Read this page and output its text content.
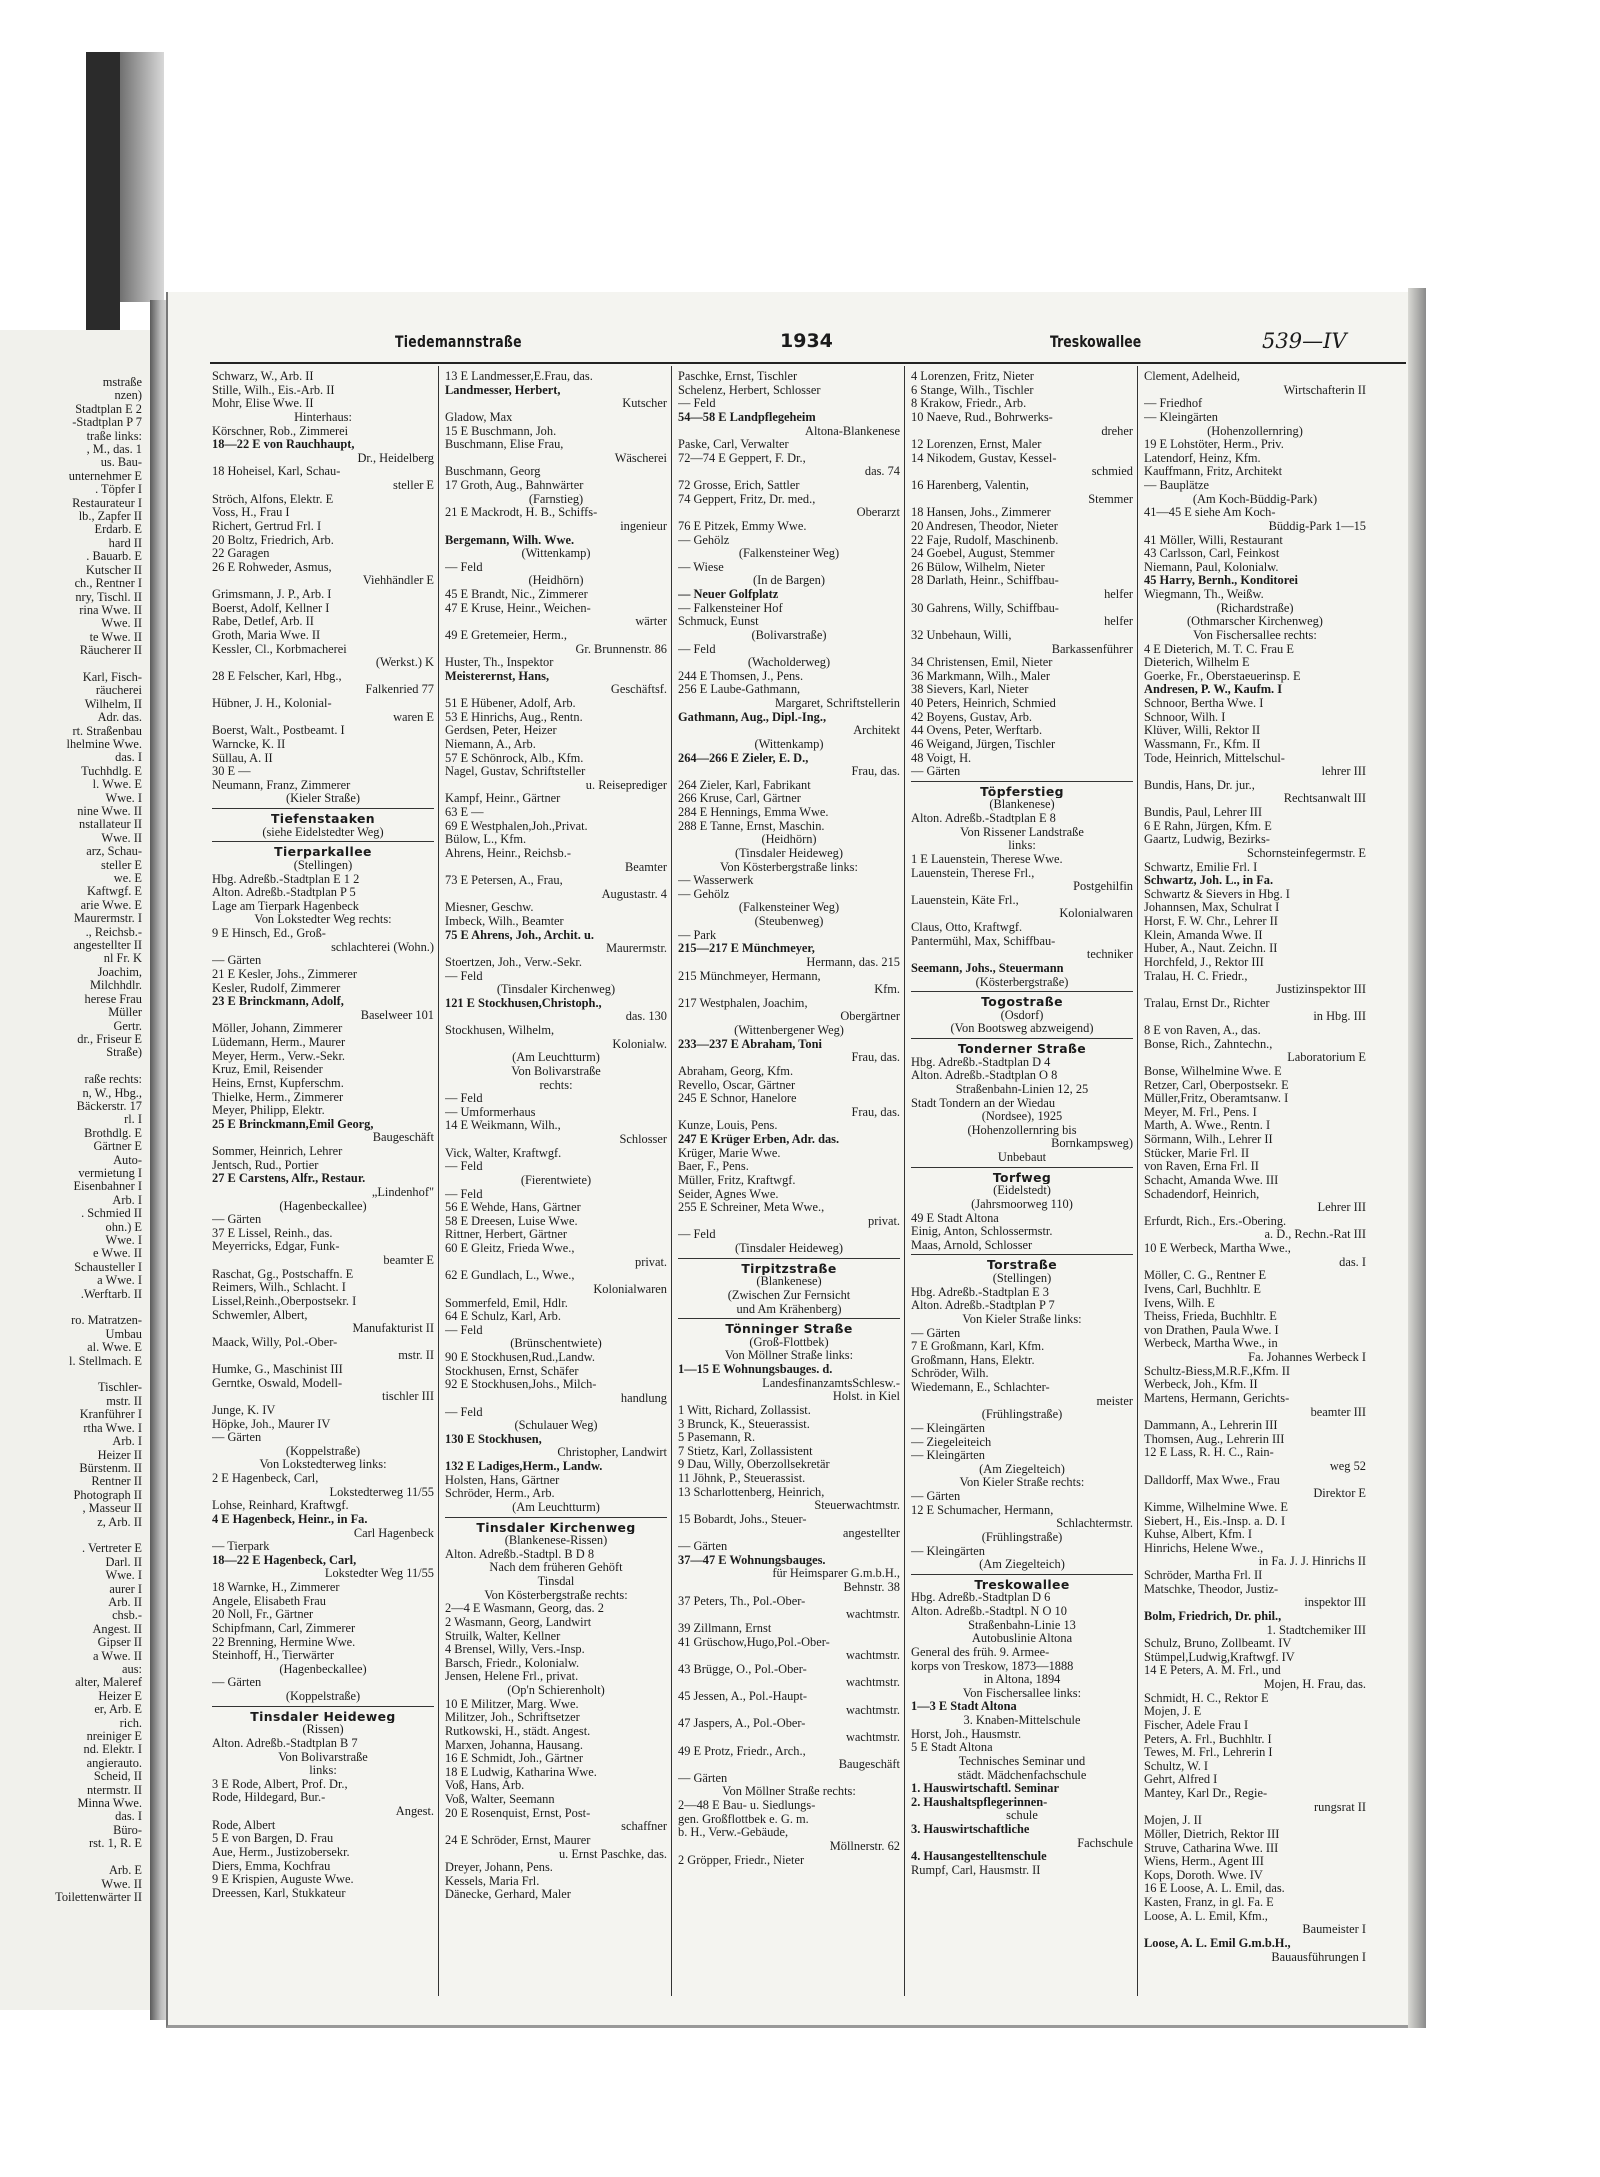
mstraße
nzen)
Stadtplan E 2
-Stadtplan P 7
traße links:
, M., das. 1
us. Bau-
unternehmer E
. Töpfer I
Restaurateur I
lb., Zapfer II
Erdarb. E
hard II
. Bauarb. E
Kutscher II
ch., Rentner I
nry, Tischl. II
rina Wwe. II
Wwe. II
te Wwe. II
Räucherer II

Karl, Fisch-
räucherei
Wilhelm, II
Adr. das.
rt. Straßenbau
lhelmine Wwe.
das. I
Tuchhdlg. E
l. Wwe. E
Wwe. I
nine Wwe. II
nstallateur II
Wwe. II
arz, Schau-
steller E
we. E
Kaftwgf. E
arie Wwe. E
Maurermstr. I
., Reichsb.-
angestellter II
nl Fr. K
Joachim,
Milchhdlr.
herese Frau
Müller
Gertr.
dr., Friseur E
Straße)

raße rechts:
n, W., Hbg.,
Bäckerstr. 17
rl. I
Brothdlg. E
Gärtner E
Auto-
vermietung I
Eisenbahner I
Arb. I
. Schmied II
ohn.) E
Wwe. I
e Wwe. II
Schausteller I
a Wwe. I
.Werftarb. II

ro. Matratzen-
Umbau
al. Wwe. E
l. Stellmach. E

Tischler-
mstr. II
Kranführer I
rtha Wwe. I
Arb. I
Heizer II
Bürstenm. II
Rentner II
Photograph II
, Masseur II
z, Arb. II

. Vertreter E
Darl. II
Wwe. I
aurer I
Arb. II
chsb.-
Angest. II
Gipser II
a Wwe. II
aus:
alter, Maleref
Heizer E
er, Arb. E
rich.
nreiniger E
nd. Elektr. I
angierauto.
Scheid, II
ntermstr. II
Minna Wwe.
das. I
Büro-
rst. 1, R. E

Arb. E
Wwe. II
Toilettenwärter II
Tiedemannstraße	1934	Treskowallee	539—IV
Schwarz, W., Arb. II
Stille, Wilh., Eis.-Arb. II
Mohr, Elise Wwe. II
Hinterhaus:
Körschner, Rob., Zimmerei
18—22 E von Rauchhaupt,
Dr., Heidelberg
18 Hoheisel, Karl, Schau-
steller E
Ströch, Alfons, Elektr. E
Voss, H., Frau I
Richert, Gertrud Frl. I
20 Boltz, Friedrich, Arb.
22 Garagen
26 E Rohweder, Asmus,
Viehhändler E
Grimsmann, J. P., Arb. I
Boerst, Adolf, Kellner I
Rabe, Detlef, Arb. II
Groth, Maria Wwe. II
Kessler, Cl., Korbmacherei
(Werkst.) K
28 E Felscher, Karl, Hbg.,
Falkenried 77
Hübner, J. H., Kolonial-
waren E
Boerst, Walt., Postbeamt. I
Warncke, K. II
Süllau, A. II
30 E —
Neumann, Franz, Zimmerer
(Kieler Straße)
Tiefenstaaken
(siehe Eidelstedter Weg)
Tierparkallee
(Stellingen)
Hbg. Adreßb.-Stadtplan E 1 2
Alton. Adreßb.-Stadtplan P 5
Lage am Tierpark Hagenbeck
Von Lokstedter Weg rechts:
9 E Hinsch, Ed., Groß-
schlachterei (Wohn.)
— Gärten
21 E Kesler, Johs., Zimmerer
Kesler, Rudolf, Zimmerer
23 E Brinckmann, Adolf,
Baselweer 101
Möller, Johann, Zimmerer
Lüdemann, Herm., Maurer
Meyer, Herm., Verw.-Sekr.
Kruz, Emil, Reisender
Heins, Ernst, Kupferschm.
Thielke, Herm., Zimmerer
Meyer, Philipp, Elektr.
25 E Brinckmann,Emil Georg,
Baugeschäft
Sommer, Heinrich, Lehrer
Jentsch, Rud., Portier
27 E Carstens, Alfr., Restaur.
„Lindenhof"
(Hagenbeckallee)
— Gärten
37 E Lissel, Reinh., das.
Meyerricks, Edgar, Funk-
beamter E
Raschat, Gg., Postschaffn. E
Reimers, Wilh., Schlacht. I
Lissel,Reinh.,Oberpostsekr. I
Schwemler, Albert,
Manufakturist II
Maack, Willy, Pol.-Ober-
mstr. II
Humke, G., Maschinist III
Gerntke, Oswald, Modell-
tischler III
Junge, K. IV
Höpke, Joh., Maurer IV
— Gärten
(Koppelstraße)
Von Lokstedterweg links:
2 E Hagenbeck, Carl,
Lokstedterweg 11/55
Lohse, Reinhard, Kraftwgf.
4 E Hagenbeck, Heinr., in Fa.
Carl Hagenbeck
— Tierpark
18—22 E Hagenbeck, Carl,
Lokstedter Weg 11/55
18 Warnke, H., Zimmerer
Angele, Elisabeth Frau
20 Noll, Fr., Gärtner
Schipfmann, Carl, Zimmerer
22 Brenning, Hermine Wwe.
Steinhoff, H., Tierwärter
(Hagenbeckallee)
— Gärten
(Koppelstraße)
Tinsdaler Heideweg
(Rissen)
Alton. Adreßb.-Stadtplan B 7
Von Bolivarstraße
links:
3 E Rode, Albert, Prof. Dr.,
Rode, Hildegard, Bur.-
Angest.
Rode, Albert
5 E von Bargen, D. Frau
Aue, Herm., Justizobersekr.
Diers, Emma, Kochfrau
9 E Krispien, Auguste Wwe.
Dreessen, Karl, Stukkateur
13 E Landmesser,E.Frau, das.
Landmesser, Herbert,
Kutscher
Gladow, Max
15 E Buschmann, Joh.
Buschmann, Elise Frau,
Wäscherei
Buschmann, Georg
17 Groth, Aug., Bahnwärter
(Farnstieg)
21 E Mackrodt, H. B., Schiffs-
ingenieur
Bergemann, Wilh. Wwe.
(Wittenkamp)
— Feld
(Heidhörn)
45 E Brandt, Nic., Zimmerer
47 E Kruse, Heinr., Weichen-
wärter
49 E Gretemeier, Herm.,
Gr. Brunnenstr. 86
Huster, Th., Inspektor
Meisterernst, Hans,
Geschäftsf.
51 E Hübener, Adolf, Arb.
53 E Hinrichs, Aug., Rentn.
Gerdsen, Peter, Heizer
Niemann, A., Arb.
57 E Schönrock, Alb., Kfm.
Nagel, Gustav, Schriftsteller
u. Reiseprediger
Kampf, Heinr., Gärtner
63 E —
69 E Westphalen,Joh.,Privat.
Bülow, L., Kfm.
Ahrens, Heinr., Reichsb.-
Beamter
73 E Petersen, A., Frau,
Augustastr. 4
Miesner, Geschw.
Imbeck, Wilh., Beamter
75 E Ahrens, Joh., Archit. u.
Maurermstr.
Stoertzen, Joh., Verw.-Sekr.
— Feld
(Tinsdaler Kirchenweg)
121 E Stockhusen,Christoph.,
das. 130
Stockhusen, Wilhelm,
Kolonialw.
(Am Leuchtturm)
Von Bolivarstraße
rechts:
— Feld
— Umformerhaus
14 E Weikmann, Wilh.,
Schlosser
Vick, Walter, Kraftwgf.
— Feld
(Fierentwiete)
— Feld
56 E Wehde, Hans, Gärtner
58 E Dreesen, Luise Wwe.
Rittner, Herbert, Gärtner
60 E Gleitz, Frieda Wwe.,
privat.
62 E Gundlach, L., Wwe.,
Kolonialwaren
Sommerfeld, Emil, Hdlr.
64 E Schulz, Karl, Arb.
— Feld
(Brünschentwiete)
90 E Stockhusen,Rud.,Landw.
Stockhusen, Ernst, Schäfer
92 E Stockhusen,Johs., Milch-
handlung
— Feld
(Schulauer Weg)
130 E Stockhusen,
Christopher, Landwirt
132 E Ladiges,Herm., Landw.
Holsten, Hans, Gärtner
Schröder, Herm., Arb.
(Am Leuchtturm)
Tinsdaler Kirchenweg
(Blankenese-Rissen)
Alton. Adreßb.-Stadtpl. B D 8
Nach dem früheren Gehöft
Tinsdal
Von Kösterbergstraße rechts:
2—4 E Wasmann, Georg, das. 2
2 Wasmann, Georg, Landwirt
Struilk, Walter, Kellner
4 Brensel, Willy, Vers.-Insp.
Barsch, Friedr., Kolonialw.
Jensen, Helene Frl., privat.
(Op'n Schierenholt)
10 E Militzer, Marg. Wwe.
Militzer, Joh., Schriftsetzer
Rutkowski, H., städt. Angest.
Marxen, Johanna, Hausang.
16 E Schmidt, Joh., Gärtner
18 E Ludwig, Katharina Wwe.
Voß, Hans, Arb.
Voß, Walter, Seemann
20 E Rosenquist, Ernst, Post-
schaffner
24 E Schröder, Ernst, Maurer
u. Ernst Paschke, das.
Dreyer, Johann, Pens.
Kessels, Maria Frl.
Dänecke, Gerhard, Maler
Paschke, Ernst, Tischler
Schelenz, Herbert, Schlosser
— Feld
54—58 E Landpflegeheim
Altona-Blankenese
Paske, Carl, Verwalter
72—74 E Geppert, F. Dr.,
das. 74
72 Grosse, Erich, Sattler
74 Geppert, Fritz, Dr. med.,
Oberarzt
76 E Pitzek, Emmy Wwe.
— Gehölz
(Falkensteiner Weg)
— Wiese
(In de Bargen)
— Neuer Golfplatz
— Falkensteiner Hof
Schmuck, Eunst
(Bolivarstraße)
— Feld
(Wacholderweg)
244 E Thomsen, J., Pens.
256 E Laube-Gathmann,
Margaret, Schriftstellerin
Gathmann, Aug., Dipl.-Ing.,
Architekt
(Wittenkamp)
264—266 E Zieler, E. D.,
Frau, das.
264 Zieler, Karl, Fabrikant
266 Kruse, Carl, Gärtner
284 E Hennings, Emma Wwe.
288 E Tanne, Ernst, Maschin.
(Heidhörn)
(Tinsdaler Heideweg)
Von Kösterbergstraße links:
— Wasserwerk
— Gehölz
(Falkensteiner Weg)
(Steubenweg)
— Park
215—217 E Münchmeyer,
Hermann, das. 215
215 Münchmeyer, Hermann,
Kfm.
217 Westphalen, Joachim,
Obergärtner
(Wittenbergener Weg)
233—237 E Abraham, Toni
Frau, das.
Abraham, Georg, Kfm.
Revello, Oscar, Gärtner
245 E Schnor, Hanelore
Frau, das.
Kunze, Louis, Pens.
247 E Krüger Erben, Adr. das.
Krüger, Marie Wwe.
Baer, F., Pens.
Müller, Fritz, Kraftwgf.
Seider, Agnes Wwe.
255 E Schreiner, Meta Wwe.,
privat.
— Feld
(Tinsdaler Heideweg)
Tirpitzstraße
(Blankenese)
(Zwischen Zur Fernsicht
und Am Krähenberg)
Tönninger Straße
(Groß-Flottbek)
Von Möllner Straße links:
1—15 E Wohnungsbauges. d.
LandesfinanzamtsSchlesw.-
Holst. in Kiel
1 Witt, Richard, Zollassist.
3 Brunck, K., Steuerassist.
5 Pasemann, R.
7 Stietz, Karl, Zollassistent
9 Dau, Willy, Oberzollsekretär
11 Jöhnk, P., Steuerassist.
13 Scharlottenberg, Heinrich,
Steuerwachtmstr.
15 Bobardt, Johs., Steuer-
angestellter
— Gärten
37—47 E Wohnungsbauges.
für Heimsparer G.m.b.H.,
Behnstr. 38
37 Peters, Th., Pol.-Ober-
wachtmstr.
39 Zillmann, Ernst
41 Grüschow,Hugo,Pol.-Ober-
wachtmstr.
43 Brügge, O., Pol.-Ober-
wachtmstr.
45 Jessen, A., Pol.-Haupt-
wachtmstr.
47 Jaspers, A., Pol.-Ober-
wachtmstr.
49 E Protz, Friedr., Arch.,
Baugeschäft
— Gärten
Von Möllner Straße rechts:
2—48 E Bau- u. Siedlungs-
gen. Großflottbek e. G. m.
b. H., Verw.-Gebäude,
Möllnerstr. 62
2 Gröpper, Friedr., Nieter
4 Lorenzen, Fritz, Nieter
6 Stange, Wilh., Tischler
8 Krakow, Friedr., Arb.
10 Naeve, Rud., Bohrwerks-
dreher
12 Lorenzen, Ernst, Maler
14 Nikodem, Gustav, Kessel-
schmied
16 Harenberg, Valentin,
Stemmer
18 Hansen, Johs., Zimmerer
20 Andresen, Theodor, Nieter
22 Faje, Rudolf, Maschinenb.
24 Goebel, August, Stemmer
26 Bülow, Wilhelm, Nieter
28 Darlath, Heinr., Schiffbau-
helfer
30 Gahrens, Willy, Schiffbau-
helfer
32 Unbehaun, Willi,
Barkassenführer
34 Christensen, Emil, Nieter
36 Markmann, Wilh., Maler
38 Sievers, Karl, Nieter
40 Peters, Heinrich, Schmied
42 Boyens, Gustav, Arb.
44 Ovens, Peter, Werftarb.
46 Weigand, Jürgen, Tischler
48 Voigt, H.
— Gärten
Töpferstieg
(Blankenese)
Alton. Adreßb.-Stadtplan E 8
Von Rissener Landstraße
links:
1 E Lauenstein, Therese Wwe.
Lauenstein, Therese Frl.,
Postgehilfin
Lauenstein, Käte Frl.,
Kolonialwaren
Claus, Otto, Kraftwgf.
Pantermühl, Max, Schiffbau-
techniker
Seemann, Johs., Steuermann
(Kösterbergstraße)
Togostraße
(Osdorf)
(Von Bootsweg abzweigend)
Tonderner Straße
Hbg. Adreßb.-Stadtplan D 4
Alton. Adreßb.-Stadtplan O 8
Straßenbahn-Linien 12, 25
Stadt Tondern an der Wiedau
(Nordsee), 1925
(Hohenzollernring bis
Bornkampsweg)
Unbebaut
Torfweg
(Eidelstedt)
(Jahrsmoorweg 110)
49 E Stadt Altona
Einig, Anton, Schlossermstr.
Maas, Arnold, Schlosser
Torstraße
(Stellingen)
Hbg. Adreßb.-Stadtplan E 3
Alton. Adreßb.-Stadtplan P 7
Von Kieler Straße links:
— Gärten
7 E Großmann, Karl, Kfm.
Großmann, Hans, Elektr.
Schröder, Wilh.
Wiedemann, E., Schlachter-
meister
(Frühlingstraße)
— Kleingärten
— Ziegeleiteich
— Kleingärten
(Am Ziegelteich)
Von Kieler Straße rechts:
— Gärten
12 E Schumacher, Hermann,
Schlachtermstr.
(Frühlingstraße)
— Kleingärten
(Am Ziegelteich)
Treskowallee
Hbg. Adreßb.-Stadtplan D 6
Alton. Adreßb.-Stadtpl. N O 10
Straßenbahn-Linie 13
Autobuslinie Altona
General des früh. 9. Armee-
korps von Treskow, 1873—1888
in Altona, 1894
Von Fischersallee links:
1—3 E Stadt Altona
3. Knaben-Mittelschule
Horst, Joh., Hausmstr.
5 E Stadt Altona
Technisches Seminar und
städt. Mädchenfachschule
1. Hauswirtschaftl. Seminar
2. Haushaltspflegerinnen-
schule
3. Hauswirtschaftliche
Fachschule
4. Hausangestelltenschule
Rumpf, Carl, Hausmstr. II
Clement, Adelheid,
Wirtschafterin II
— Friedhof
— Kleingärten
(Hohenzollernring)
19 E Lohstöter, Herm., Priv.
Latendorf, Heinz, Kfm.
Kauffmann, Fritz, Architekt
— Bauplätze
(Am Koch-Büddig-Park)
41—45 E siehe Am Koch-
Büddig-Park 1—15
41 Möller, Willi, Restaurant
43 Carlsson, Carl, Feinkost
Niemann, Paul, Kolonialw.
45 Harry, Bernh., Konditorei
Wiegmann, Th., Weißw.
(Richardstraße)
(Othmarscher Kirchenweg)
Von Fischersallee rechts:
4 E Dieterich, M. T. C. Frau E
Dieterich, Wilhelm E
Goerke, Fr., Oberstaeuerinsp. E
Andresen, P. W., Kaufm. I
Schnoor, Bertha Wwe. I
Schnoor, Wilh. I
Klüver, Willi, Rektor II
Wassmann, Fr., Kfm. II
Tode, Heinrich, Mittelschul-
lehrer III
Bundis, Hans, Dr. jur.,
Rechtsanwalt III
Bundis, Paul, Lehrer III
6 E Rahn, Jürgen, Kfm. E
Gaartz, Ludwig, Bezirks-
Schornsteinfegermstr. E
Schwartz, Emilie Frl. I
Schwartz, Joh. L., in Fa.
Schwartz & Sievers in Hbg. I
Johannsen, Max, Schulrat I
Horst, F. W. Chr., Lehrer II
Klein, Amanda Wwe. II
Huber, A., Naut. Zeichn. II
Horchfeld, J., Rektor III
Tralau, H. C. Friedr.,
Justizinspektor III
Tralau, Ernst Dr., Richter
in Hbg. III
8 E von Raven, A., das.
Bonse, Rich., Zahntechn.,
Laboratorium E
Bonse, Wilhelmine Wwe. E
Retzer, Carl, Oberpostsekr. E
Müller,Fritz, Oberamtsanw. I
Meyer, M. Frl., Pens. I
Marth, A. Wwe., Rentn. I
Sörmann, Wilh., Lehrer II
Stücker, Marie Frl. II
von Raven, Erna Frl. II
Schacht, Amanda Wwe. III
Schadendorf, Heinrich,
Lehrer III
Erfurdt, Rich., Ers.-Obering.
a. D., Rechn.-Rat III
10 E Werbeck, Martha Wwe.,
das. I
Möller, C. G., Rentner E
Ivens, Carl, Buchhltr. E
Ivens, Wilh. E
Theiss, Frieda, Buchhltr. E
von Drathen, Paula Wwe. I
Werbeck, Martha Wwe., in
Fa. Johannes Werbeck I
Schultz-Biess,M.R.F.,Kfm. II
Werbeck, Joh., Kfm. II
Martens, Hermann, Gerichts-
beamter III
Dammann, A., Lehrerin III
Thomsen, Aug., Lehrerin III
12 E Lass, R. H. C., Rain-
weg 52
Dalldorff, Max Wwe., Frau
Direktor E
Kimme, Wilhelmine Wwe. E
Siebert, H., Eis.-Insp. a. D. I
Kuhse, Albert, Kfm. I
Hinrichs, Helene Wwe.,
in Fa. J. J. Hinrichs II
Schröder, Martha Frl. II
Matschke, Theodor, Justiz-
inspektor III
Bolm, Friedrich, Dr. phil.,
1. Stadtchemiker III
Schulz, Bruno, Zollbeamt. IV
Stümpel,Ludwig,Kraftwgf. IV
14 E Peters, A. M. Frl., und
Mojen, H. Frau, das.
Schmidt, H. C., Rektor E
Mojen, J. E
Fischer, Adele Frau I
Peters, A. Frl., Buchhltr. I
Tewes, M. Frl., Lehrerin I
Schultz, W. I
Gehrt, Alfred I
Mantey, Karl Dr., Regie-
rungsrat II
Mojen, J. II
Möller, Dietrich, Rektor III
Struve, Catharina Wwe. III
Wiens, Herm., Agent III
Kops, Doroth. Wwe. IV
16 E Loose, A. L. Emil, das.
Kasten, Franz, in gl. Fa. E
Loose, A. L. Emil, Kfm.,
Baumeister I
Loose, A. L. Emil G.m.b.H.,
Bauausführungen I
